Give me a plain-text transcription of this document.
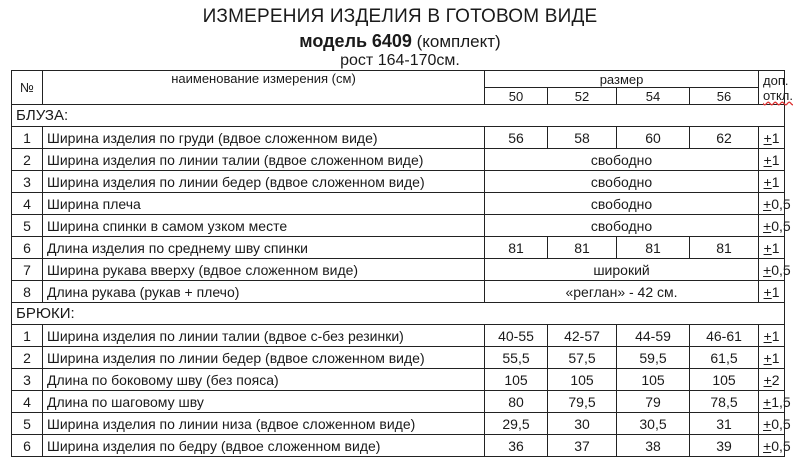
ИЗМЕРЕНИЯ ИЗДЕЛИЯ В ГОТОВОМ ВИДЕ
модель 6409 (комплект)
рост 164-170см.
№	наименование измерения (см)	размер				доп.
откл.
		50	52	54	56	
БЛУЗА:						
1	Ширина изделия по груди (вдвое сложенном виде)	56	58	60	62	+1
2	Ширина изделия по линии талии (вдвое сложенном виде)	свободно				+1
3	Ширина изделия по линии бедер (вдвое сложенном виде)	свободно				+1
4	Ширина плеча	свободно				+0,5
5	Ширина спинки в самом узком месте	свободно				+0,5
6	Длина изделия по среднему шву спинки	81	81	81	81	+1
7	Ширина рукава вверху (вдвое сложенном виде)	широкий				+0,5
8	Длина рукава (рукав + плечо)	«реглан» - 42 см.				+1
БРЮКИ:						
1	Ширина изделия по линии талии (вдвое с-без резинки)	40-55	42-57	44-59	46-61	+1
2	Ширина изделия по линии бедер (вдвое сложенном виде)	55,5	57,5	59,5	61,5	+1
3	Длина по боковому шву (без пояса)	105	105	105	105	+2
4	Длина по шаговому шву	80	79,5	79	78,5	+1,5
5	Ширина изделия по линии низа (вдвое сложенном виде)	29,5	30	30,5	31	+0,5
6	Ширина изделия по бедру (вдвое сложенном виде)	36	37	38	39	+0,5
